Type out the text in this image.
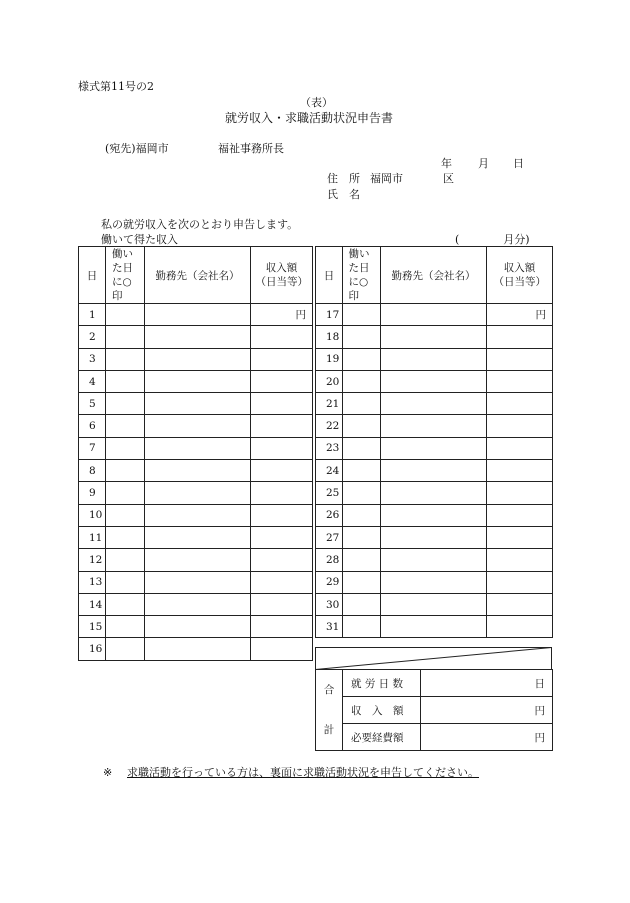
様式第11号の2
（表）
就労収入・求職活動状況申告書
(宛先)福岡市	福祉事務所長
年 月 日
住　所 福岡市	区
氏　名
私の就労収入を次のとおり申告します。
働いて得た収入	(　　　　月分)
日	働いた日に○印	勤務先（会社名）	収入額（日当等）
1			円
2			
3			
4			
5			
6			
7			
8			
9			
10			
11			
12			
13			
14			
15			
16			
日	働いた日に○印	勤務先（会社名）	収入額（日当等）
17			円
18			
19			
20			
21			
22			
23			
24			
25			
26			
27			
28			
29			
30			
31			
合計	就 労 日 数	日
	収　入　額	円
	必要経費額	円
※ 求職活動を行っている方は、裏面に求職活動状況を申告してください。
